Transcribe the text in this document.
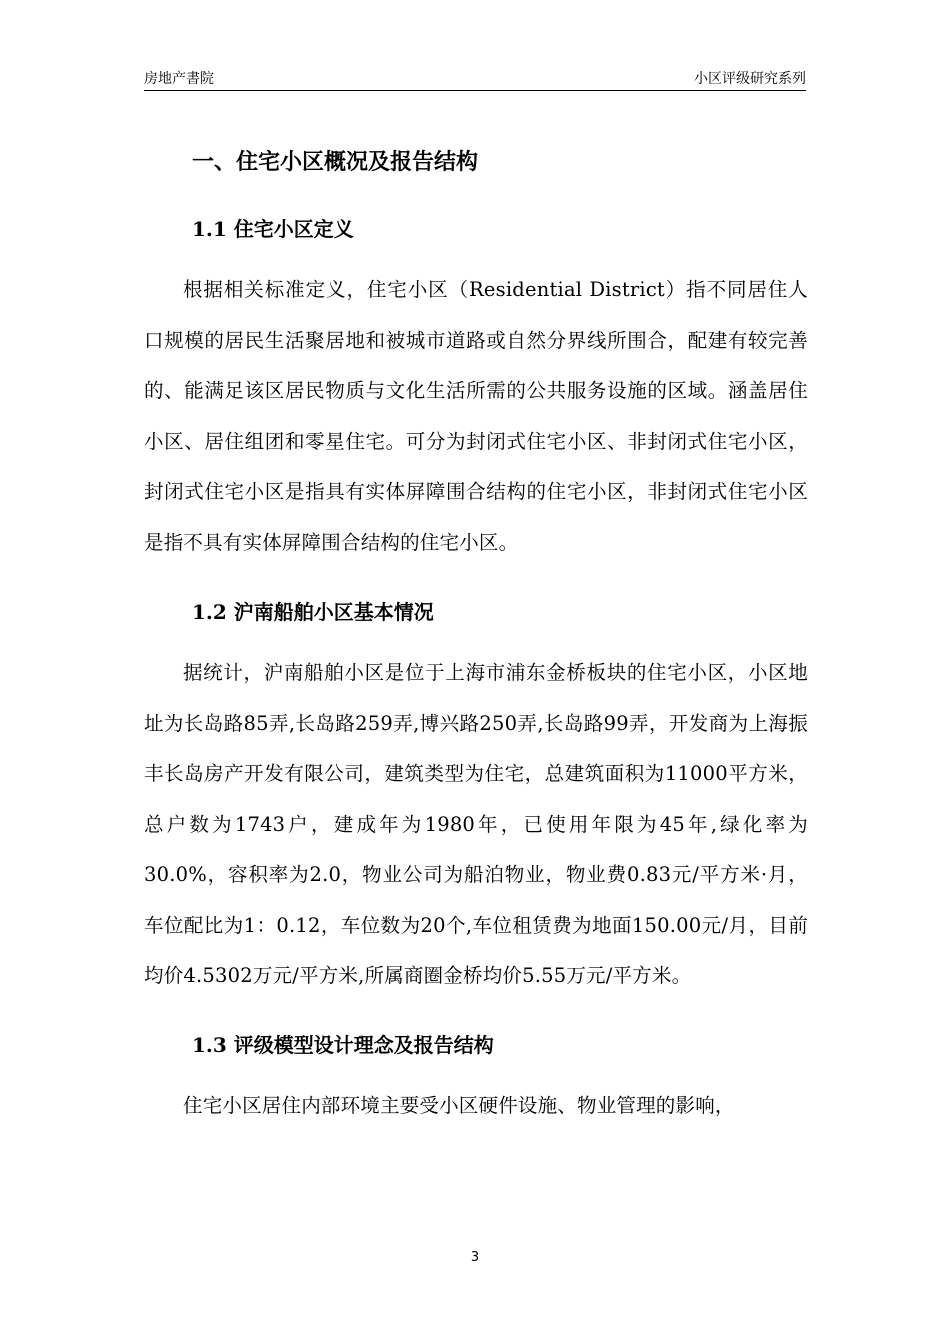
房地产書院	小区评级研究系列
一、住宅小区概况及报告结构
1.1 住宅小区定义

根据相关标准定义，住宅小区（Residential District）指不同居住人口规模的居民生活聚居地和被城市道路或自然分界线所围合，配建有较完善的、能满足该区居民物质与文化生活所需的公共服务设施的区域。涵盖居住小区、居住组团和零星住宅。可分为封闭式住宅小区、非封闭式住宅小区，封闭式住宅小区是指具有实体屏障围合结构的住宅小区，非封闭式住宅小区是指不具有实体屏障围合结构的住宅小区。

1.2 沪南船舶小区基本情况

据统计，沪南船舶小区是位于上海市浦东金桥板块的住宅小区，小区地址为长岛路85弄,长岛路259弄,博兴路250弄,长岛路99弄，开发商为上海振丰长岛房产开发有限公司，建筑类型为住宅，总建筑面积为11000平方米，总户数为1743户，建成年为1980年，已使用年限为45年,绿化率为30.0%，容积率为2.0，物业公司为船泊物业，物业费0.83元/平方米·月，车位配比为1：0.12，车位数为20个,车位租赁费为地面150.00元/月，目前均价4.5302万元/平方米,所属商圈金桥均价5.55万元/平方米。

1.3 评级模型设计理念及报告结构

住宅小区居住内部环境主要受小区硬件设施、物业管理的影响，

3
